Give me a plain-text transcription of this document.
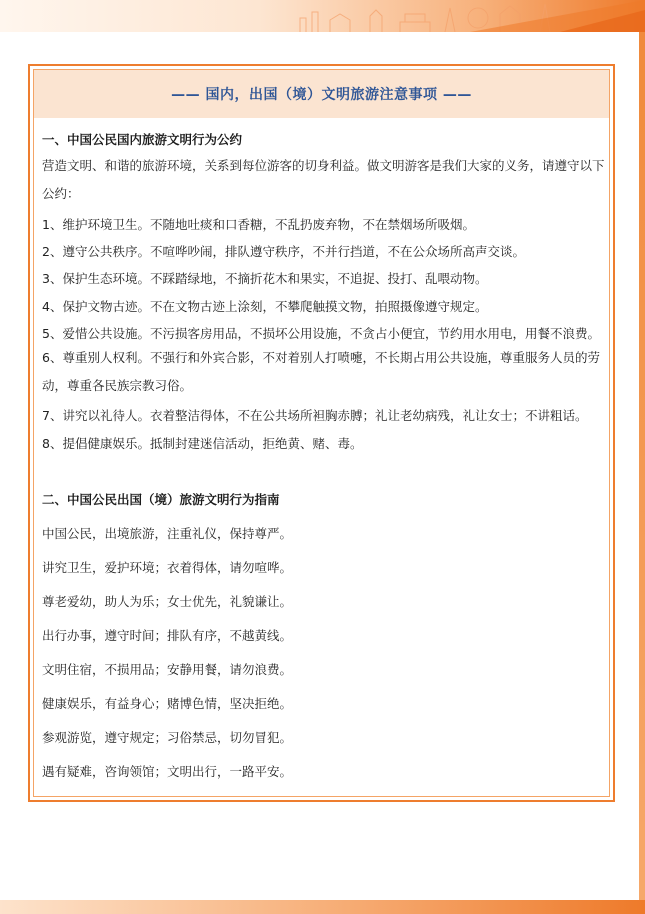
—— 国内，出国（境）文明旅游注意事项 ——
一、中国公民国内旅游文明行为公约
营造文明、和谐的旅游环境，关系到每位游客的切身利益。做文明游客是我们大家的义务，请遵守以下公约：
1、维护环境卫生。不随地吐痰和口香糖，不乱扔废弃物，不在禁烟场所吸烟。
2、遵守公共秩序。不喧哗吵闹，排队遵守秩序，不并行挡道，不在公众场所高声交谈。
3、保护生态环境。不踩踏绿地，不摘折花木和果实，不追捉、投打、乱喂动物。
4、保护文物古迹。不在文物古迹上涂刻，不攀爬触摸文物，拍照摄像遵守规定。
5、爱惜公共设施。不污损客房用品，不损坏公用设施，不贪占小便宜，节约用水用电，用餐不浪费。
6、尊重别人权利。不强行和外宾合影，不对着别人打喷嚏，不长期占用公共设施，尊重服务人员的劳动，尊重各民族宗教习俗。
7、讲究以礼待人。衣着整洁得体，不在公共场所袒胸赤膊；礼让老幼病残，礼让女士；不讲粗话。
8、提倡健康娱乐。抵制封建迷信活动，拒绝黄、赌、毒。
二、中国公民出国（境）旅游文明行为指南
中国公民，出境旅游，注重礼仪，保持尊严。
讲究卫生，爱护环境；衣着得体，请勿喧哗。
尊老爱幼，助人为乐；女士优先，礼貌谦让。
出行办事，遵守时间；排队有序，不越黄线。
文明住宿，不损用品；安静用餐，请勿浪费。
健康娱乐，有益身心；赌博色情，坚决拒绝。
参观游览，遵守规定；习俗禁忌，切勿冒犯。
遇有疑难，咨询领馆；文明出行，一路平安。
